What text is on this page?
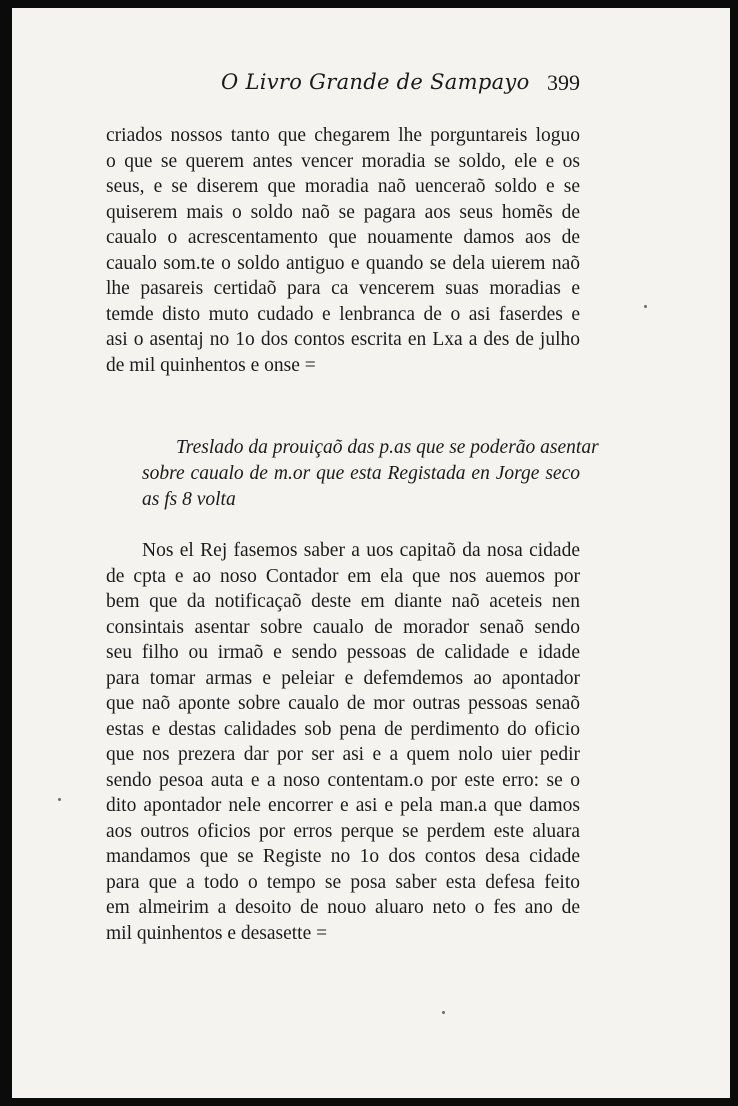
O Livro Grande de Sampayo 399
criados nossos tanto que chegarem lhe porguntareis loguo
o que se querem antes vencer moradia se soldo, ele e os
seus, e se diserem que moradia naõ uenceraõ soldo e se
quiserem mais o soldo naõ se pagara aos seus homẽs de
caualo o acrescentamento que nouamente damos aos de
caualo som.te o soldo antiguo e quando se dela uierem naõ
lhe pasareis certidaõ para ca vencerem suas moradias e
temde disto muto cudado e lenbranca de o asi faserdes e
asi o asentaj no 1o dos contos escrita en Lxa a des de julho
de mil quinhentos e onse =
Treslado da prouiçaõ das p.as que se poderão asentar
sobre caualo de m.or que esta Registada en Jorge seco
as fs 8 volta
Nos el Rej fasemos saber a uos capitaõ da nosa cidade
de cpta e ao noso Contador em ela que nos auemos por
bem que da notificaçaõ deste em diante naõ aceteis nen
consintais asentar sobre caualo de morador senaõ sendo
seu filho ou irmaõ e sendo pessoas de calidade e idade
para tomar armas e peleiar e defemdemos ao apontador
que naõ aponte sobre caualo de mor outras pessoas senaõ
estas e destas calidades sob pena de perdimento do oficio
que nos prezera dar por ser asi e a quem nolo uier pedir
sendo pesoa auta e a noso contentam.o por este erro: se o
dito apontador nele encorrer e asi e pela man.a que damos
aos outros oficios por erros perque se perdem este aluara
mandamos que se Registe no 1o dos contos desa cidade
para que a todo o tempo se posa saber esta defesa feito
em almeirim a desoito de nouo aluaro neto o fes ano de
mil quinhentos e desasette =
